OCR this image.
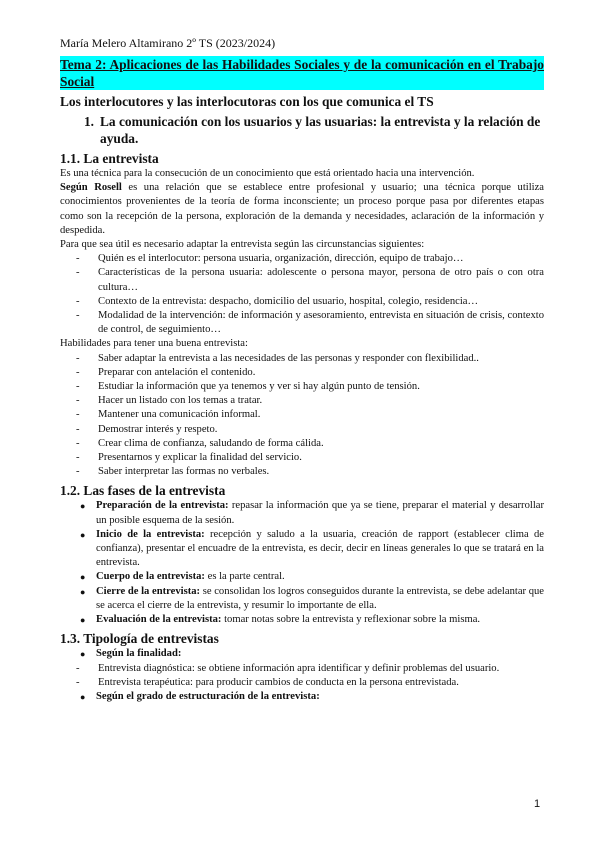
María Melero Altamirano 2º TS (2023/2024)
Tema 2: Aplicaciones de las Habilidades Sociales y de la comunicación en el Trabajo Social
Los interlocutores y las interlocutoras con los que comunica el TS
1. La comunicación con los usuarios y las usuarias: la entrevista y la relación de ayuda.
1.1. La entrevista

Es una técnica para la consecución de un conocimiento que está orientado hacia una intervención.

Según Rosell es una relación que se establece entre profesional y usuario; una técnica porque utiliza conocimientos provenientes de la teoría de forma inconsciente; un proceso porque pasa por diferentes etapas como son la recepción de la persona, exploración de la demanda y necesidades, aclaración de la información y despedida.

Para que sea útil es necesario adaptar la entrevista según las circunstancias siguientes:

-
Quién es el interlocutor: persona usuaria, organización, dirección, equipo de trabajo…
-
Características de la persona usuaria: adolescente o persona mayor, persona de otro país o con otra cultura…
-
Contexto de la entrevista: despacho, domicilio del usuario, hospital, colegio, residencia…
-
Modalidad de la intervención: de información y asesoramiento, entrevista en situación de crisis, contexto de control, de seguimiento…

Habilidades para tener una buena entrevista:

-
Saber adaptar la entrevista a las necesidades de las personas y responder con flexibilidad..
-
Preparar con antelación el contenido.
-
Estudiar la información que ya tenemos y ver si hay algún punto de tensión.
-
Hacer un listado con los temas a tratar.
-
Mantener una comunicación informal.
-
Demostrar interés y respeto.
-
Crear clima de confianza, saludando de forma cálida.
-
Presentarnos y explicar la finalidad del servicio.
-
Saber interpretar las formas no verbales.
1.2. Las fases de la entrevista
●
Preparación de la entrevista: repasar la información que ya se tiene, preparar el material y desarrollar un posible esquema de la sesión.
●
Inicio de la entrevista: recepción y saludo a la usuaria, creación de rapport (establecer clima de confianza), presentar el encuadre de la entrevista, es decir, decir en líneas generales lo que se tratará en la entrevista.
●
Cuerpo de la entrevista: es la parte central.
●
Cierre de la entrevista: se consolidan los logros conseguidos durante la entrevista, se debe adelantar que se acerca el cierre de la entrevista, y resumir lo importante de ella.
●
Evaluación de la entrevista: tomar notas sobre la entrevista y reflexionar sobre la misma.
1.3. Tipología de entrevistas
●
Según la finalidad:
-
Entrevista diagnóstica: se obtiene información apra identificar y definir problemas del usuario.
-
Entrevista terapéutica: para producir cambios de conducta en la persona entrevistada.
●
Según el grado de estructuración de la entrevista:
1
